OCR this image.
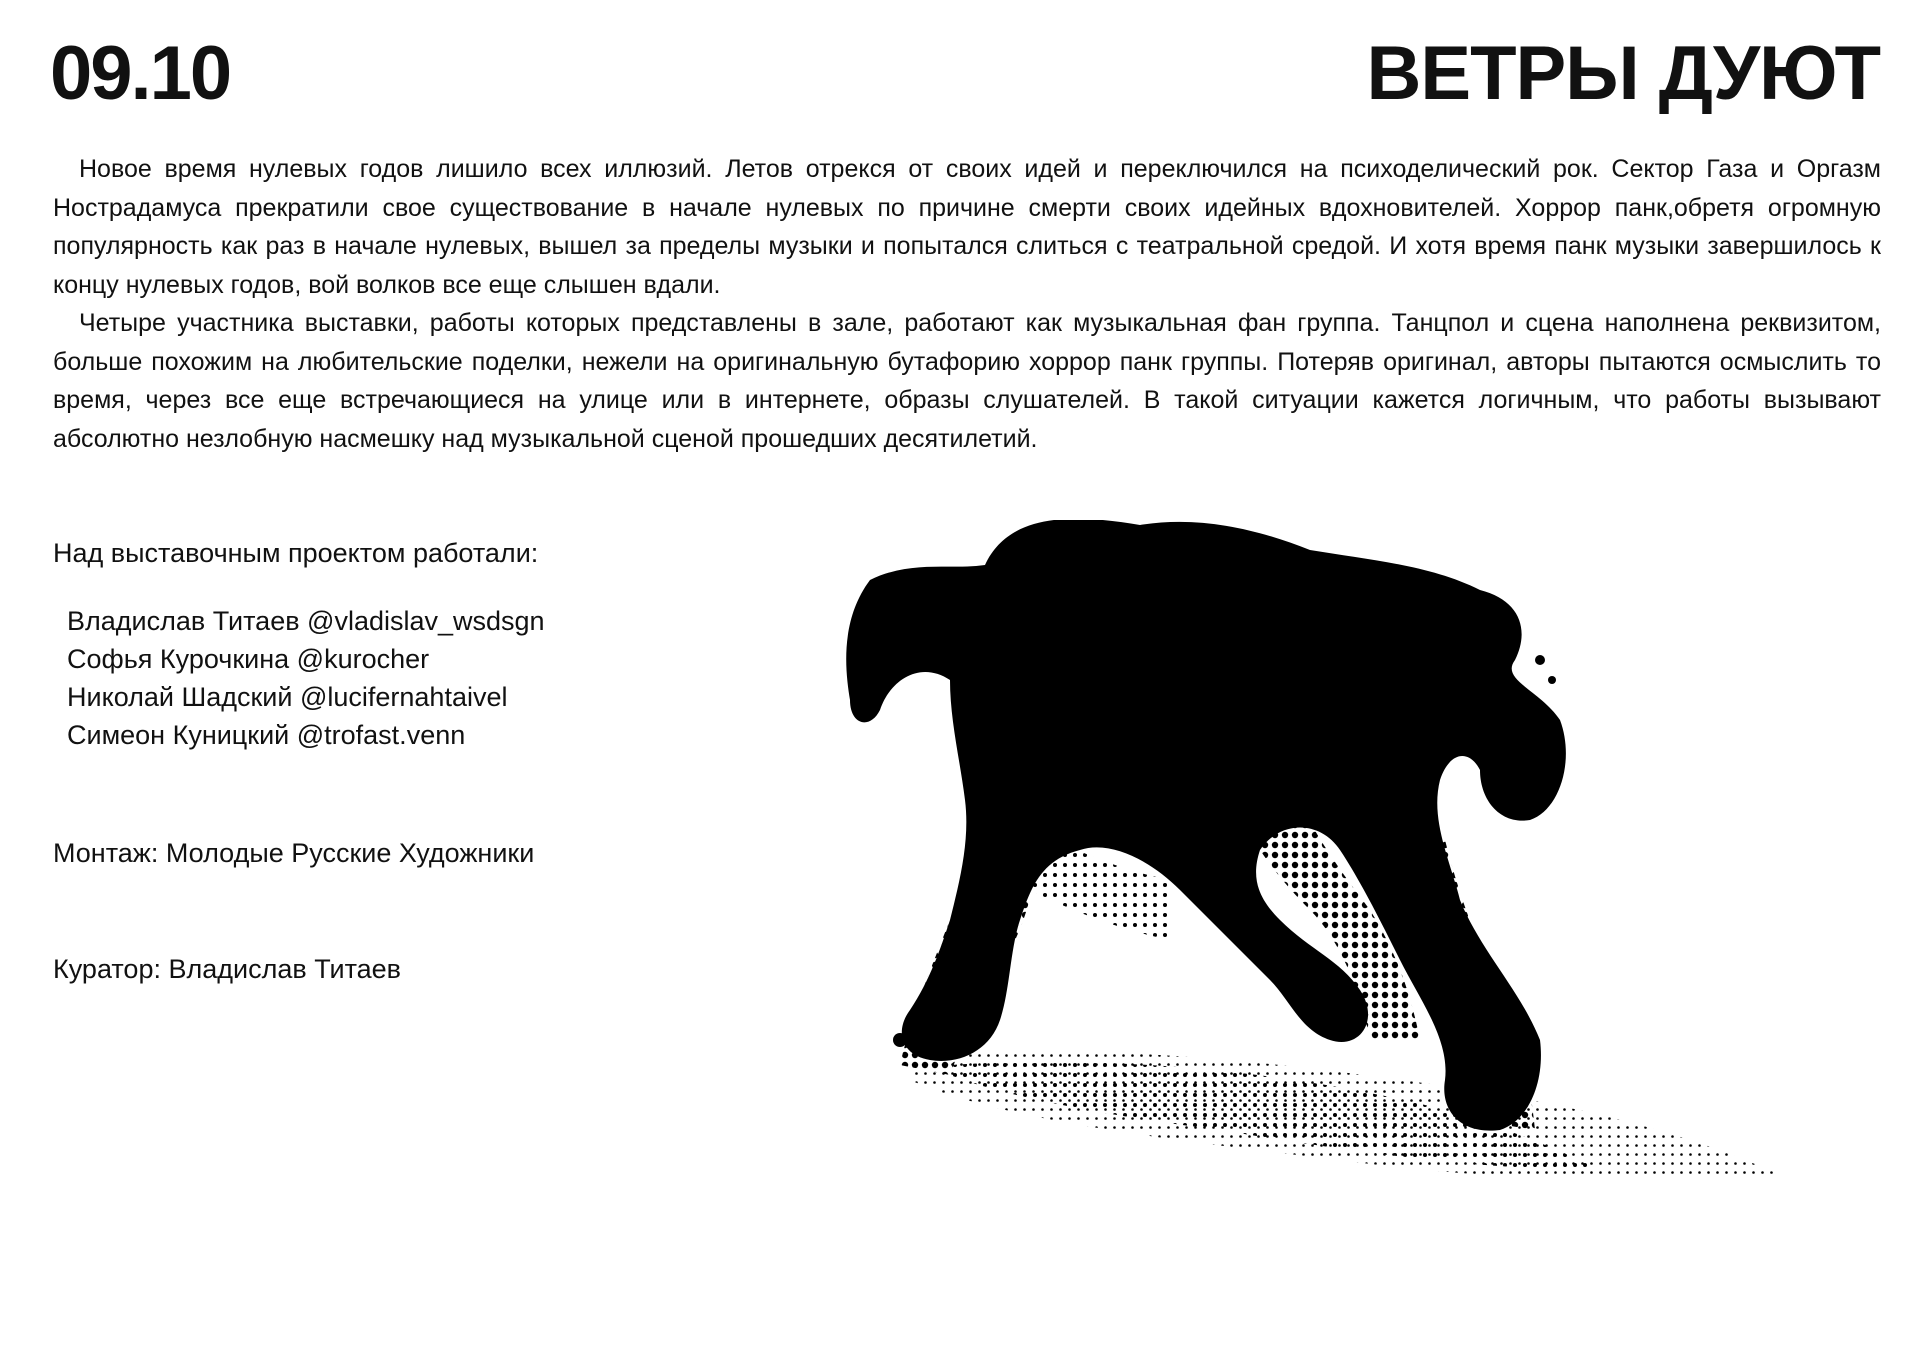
09.10	ВЕТРЫ ДУЮТ

Новое время нулевых годов лишило всех иллюзий. Летов отрекся от своих идей и переключился на психоделический рок. Сектор Газа и Оргазм Нострадамуса прекратили свое существование в начале нулевых по причине смерти своих идейных вдохновителей. Хоррор панк,обретя огромную популярность как раз в начале нулевых, вышел за пределы музыки и попытался слиться с театральной средой. И хотя время панк музыки завершилось к концу нулевых годов, вой волков все еще слышен вдали.

Четыре участника выставки, работы которых представлены в зале, работают как музыкальная фан группа. Танцпол и сцена наполнена реквизитом, больше похожим на любительские поделки, нежели на оригинальную бутафорию хоррор панк группы. Потеряв оригинал, авторы пытаются осмыслить то время, через все еще встречающиеся на улице или в интернете, образы слушателей. В такой ситуации кажется логичным, что работы вызывают абсолютно незлобную насмешку над музыкальной сценой прошедших десятилетий.

Над выставочным проектом работали:

Владислав Титаев @vladislav_wsdsgn
Софья Курочкина @kurocher
Николай Шадский @lucifernahtaivel
Симеон Куницкий @trofast.venn

Монтаж: Молодые Русские Художники

Куратор: Владислав Титаев
